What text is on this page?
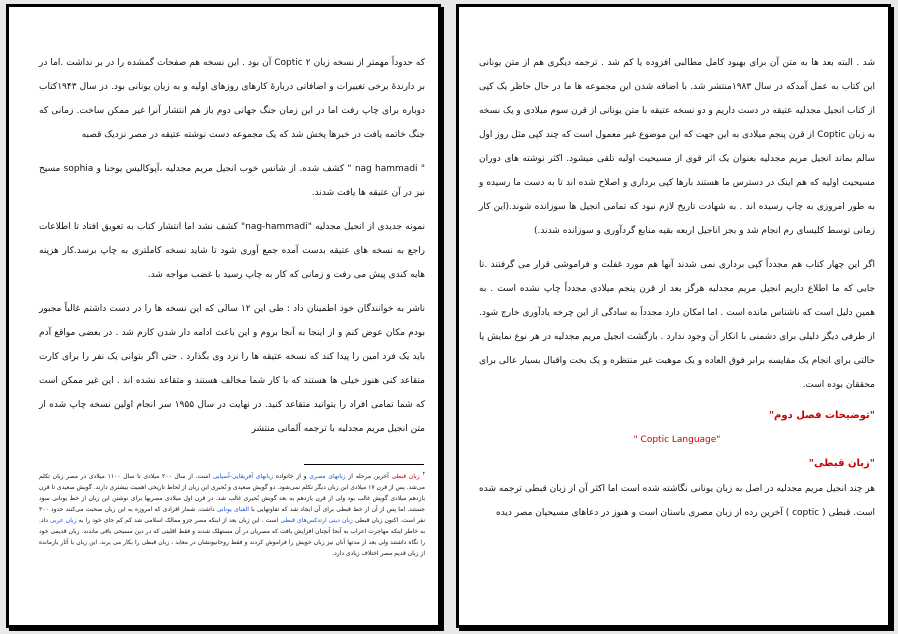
که حدوداً مهمتر از نسخه زبان ۲ Coptic آن بود . این نسخه هم صفحات گمشده را در بر نداشت .اما در بر دارندهٔ برخی تغییرات و اضافاتی دربارهٔ کارهای روزهای اولیه و به زبان یونانی بود. در سال ۱۹۴۳کتاب دوباره برای چاپ رفت اما در این زمان جنگ جهانی دوم باز هم انتشار آنرا غیر ممکن ساخت. زمانی که جنگ خاتمه یافت در خبرها پخش شد که یک مجموعه دست نوشته عتیقه در مصر نزدیک قصبه

" nag hammadi " کشف شده. از شانس خوب انجیل مریم مجدلیه ،آپوکالیس یوحنا و sophia مسیح نیز در آن عتیقه ها یافت شدند.

نمونه جدیدی از انجیل مجدلیه "nag-hammadi" کشف نشد اما انتشار کتاب به تعویق افتاد تا اطلاعات راجع به نسخه های عتیقه بدست آمده جمع آوری شود تا شاید نسخه کاملتری به چاپ برسد.کار هزینه هایه کندی پیش می رفت و زمانی که کار به چاپ رسید با غضب مواجه شد.

ناشر به خوانندگان خود اطمینان داد : طی این ۱۲ سالی که این نسخه ها را در دست داشتم غالباً مجبور بودم مکان عوض کنم و از اینجا به آنجا بروم و این باعث ادامه دار شدن کارم شد . در بعضی مواقع آدم باید یک فرد امین را پیدا کند که نسخه عتیقه ها را نزد وی بگذارد . حتی اگر بتوانی یک نفر را برای کارت متقاعد کنی هنوز خیلی ها هستند که با کار شما مخالف هستند و متقاعد نشده اند . این غیر ممکن است که شما تمامی افراد را بتوانید متقاعد کنید. در نهایت در سال ۱۹۵۵ سر انجام اولین نسخه چاپ شده از متن انجیل مریم مجدلیه با ترجمه آلمانی منتشر

$^۲$ زبان قبطی آخرین مرحله از زبانهای مصری و از خانواده زبانهای آفریقایی-آسیایی است. از سال ۲۰۰ میلادی تا سال ۱۱۰۰ میلادی در مصر زبان تکلم می‌شد. پس از قرن ۱۷ میلادی این زبان دیگر تکلم نمی‌شود. دو گویش صعیدی و بُحیری این زبان از لحاظ تاریخی اهمیت بیشتری دارند. گویش صعیدی تا قرن یازدهم میلادی گویش غالب بود ولی از قرن یازدهم به بعد گویش بُحیری غالب شد. در قرن اول میلادی مصریها برای نوشتن این زبان از خط یونانی سود جستند. اما پس از آن از خط قبطی برای آن ایجاد شد که تفاوتهایی با الفبای یونانی داشت. شمار افرادی که امروزه به این زبان صحبت می‌کنند حدود ۳۰۰ نفر است. اکنون زبان قبطی زبان دینی ارتدکس‌های قبطی است . این زبان بعد از اینکه مصر جزو ممالک اسلامی شد کم کم جای خود را به زبان عربی داد. به خاطر اینکه مهاجرت اعراب به آنجا آنچنان افزایش یافت که مصریان در آن مستهلک شدند و فقط اقلیتی که در دین مسیحی باقی ماندند. زبان قدیمی خود را نگاه داشتند ولی بعد از مدتها آنان نیز زبان خویش را فراموش کردند و فقط روحانیونشان در معابد ، زبان قبطی را بکار می برند. این زبان با آثار بازمانده از زبان قدیم مصر اختلاف زیادی دارد.

شد . البته بعد ها به متن آن برای بهبود کامل مطالبی افزوده یا کم شد . ترجمه دیگری هم از متن یونانی این کتاب به عمل آمدکه در سال ۱۹۸۳منتشر شد. با اضافه شدن این مجموعه ها ما در حال حاظر یک کپی از کتاب انجیل مجدلیه عتیقه در دست داریم و دو نسخه عتیقه با متن یونانی از قرن سوم میلادی و یک نسخه به زبان Coptic از قرن پنجم میلادی به این جهت که این موضوع غیر معمول است که چند کپی مثل روز اول سالم بماند انجیل مریم مجدلیه بعنوان یک اثر قوی از مسیحیت اولیه تلقی میشود. اکثر نوشته های دوران مسیحیت اولیه که هم اینک در دسترس ما هستند بارها کپی برداری و اصلاح شده اند تا به دست ما رسیده و به طور امروزی به چاپ رسیده اند . به شهادت تاریخ لازم نبود که تمامی انجیل ها سوزانده شوند.(این کار زمانی توسط کلیسای رم انجام شد و بجز اناجیل اربعه بقیه منابع گردآوری و سوزانده شدند.)

اگر این چهار کتاب هم مجدداً کپی برداری نمی شدند آنها هم مورد غفلت و فراموشی قرار می گرفتند .تا جایی که ما اطلاع داریم انجیل مریم مجدلیه هرگز بعد از قرن پنجم میلادی مجدداً چاپ نشده است . به همین دلیل است که ناشناس مانده است . اما امکان دارد مجدداً به سادگی از این چرخه یادآوری خارج شود. از طرفی دیگر دلیلی برای دشمنی با انکار آن وجود ندارد . بازگشت انجیل مریم مجدلیه در هر نوع نمایش یا حالتی برای انجام یک مقایسه برابر فوق العاده و یک موهبت غیر منتظره و یک بخت واقبال بسیار عالی برای محققان بوده است.

"توضیحات فصل دوم"
" Coptic Language"
"زبان قبطی"

هر چند انجیل مریم مجدلیه در اصل به زبان یونانی نگاشته شده است اما اکثر آن از زبان قبطی ترجمه شده است. قبطی ( coptic ) آخرین رده از زبان مصری باستان است و هنوز در دعاهای مسیحیان مصر دیده
